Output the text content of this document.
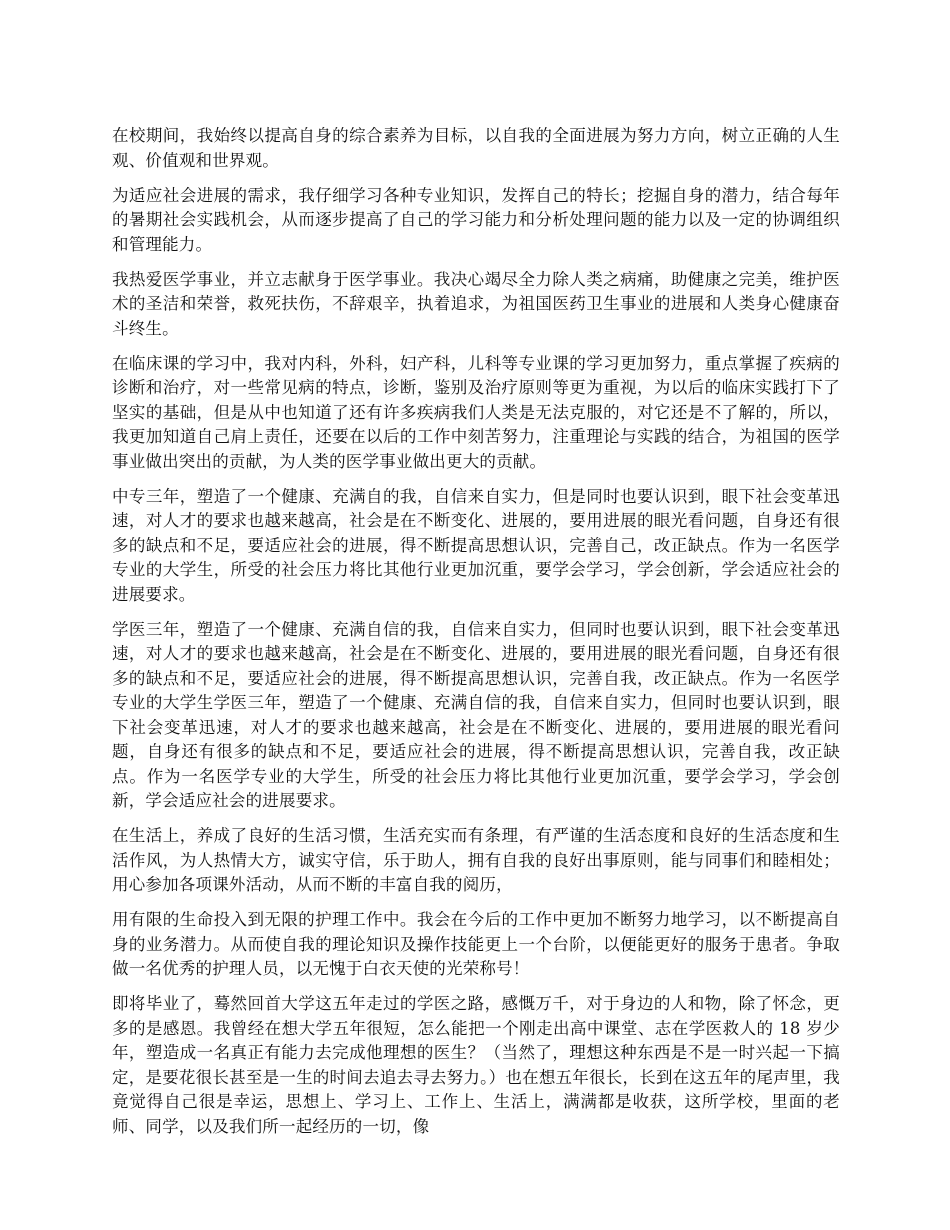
在校期间，我始终以提高自身的综合素养为目标，以自我的全面进展为努力方向，树立正确的人生观、价值观和世界观。

为适应社会进展的需求，我仔细学习各种专业知识，发挥自己的特长；挖掘自身的潜力，结合每年的暑期社会实践机会，从而逐步提高了自己的学习能力和分析处理问题的能力以及一定的协调组织和管理能力。

我热爱医学事业，并立志献身于医学事业。我决心竭尽全力除人类之病痛，助健康之完美，维护医术的圣洁和荣誉，救死扶伤，不辞艰辛，执着追求，为祖国医药卫生事业的进展和人类身心健康奋斗终生。

在临床课的学习中，我对内科，外科，妇产科，儿科等专业课的学习更加努力，重点掌握了疾病的诊断和治疗，对一些常见病的特点，诊断，鉴别及治疗原则等更为重视，为以后的临床实践打下了坚实的基础，但是从中也知道了还有许多疾病我们人类是无法克服的，对它还是不了解的，所以，我更加知道自己肩上责任，还要在以后的工作中刻苦努力，注重理论与实践的结合，为祖国的医学事业做出突出的贡献，为人类的医学事业做出更大的贡献。

中专三年，塑造了一个健康、充满自的我，自信来自实力，但是同时也要认识到，眼下社会变革迅速，对人才的要求也越来越高，社会是在不断变化、进展的，要用进展的眼光看问题，自身还有很多的缺点和不足，要适应社会的进展，得不断提高思想认识，完善自己，改正缺点。作为一名医学专业的大学生，所受的社会压力将比其他行业更加沉重，要学会学习，学会创新，学会适应社会的进展要求。

学医三年，塑造了一个健康、充满自信的我，自信来自实力，但同时也要认识到，眼下社会变革迅速，对人才的要求也越来越高，社会是在不断变化、进展的，要用进展的眼光看问题，自身还有很多的缺点和不足，要适应社会的进展，得不断提高思想认识，完善自我，改正缺点。作为一名医学专业的大学生学医三年，塑造了一个健康、充满自信的我，自信来自实力，但同时也要认识到，眼下社会变革迅速，对人才的要求也越来越高，社会是在不断变化、进展的，要用进展的眼光看问题，自身还有很多的缺点和不足，要适应社会的进展，得不断提高思想认识，完善自我，改正缺点。作为一名医学专业的大学生，所受的社会压力将比其他行业更加沉重，要学会学习，学会创新，学会适应社会的进展要求。

在生活上，养成了良好的生活习惯，生活充实而有条理，有严谨的生活态度和良好的生活态度和生活作风，为人热情大方，诚实守信，乐于助人，拥有自我的良好出事原则，能与同事们和睦相处；用心参加各项课外活动，从而不断的丰富自我的阅历，

用有限的生命投入到无限的护理工作中。我会在今后的工作中更加不断努力地学习，以不断提高自身的业务潜力。从而使自我的理论知识及操作技能更上一个台阶，以便能更好的服务于患者。争取做一名优秀的护理人员，以无愧于白衣天使的光荣称号！

即将毕业了，蓦然回首大学这五年走过的学医之路，感慨万千，对于身边的人和物，除了怀念，更多的是感恩。我曾经在想大学五年很短，怎么能把一个刚走出高中课堂、志在学医救人的 18 岁少年，塑造成一名真正有能力去完成他理想的医生？（当然了，理想这种东西是不是一时兴起一下搞定，是要花很长甚至是一生的时间去追去寻去努力。）也在想五年很长，长到在这五年的尾声里，我竟觉得自己很是幸运，思想上、学习上、工作上、生活上，满满都是收获，这所学校，里面的老师、同学，以及我们所一起经历的一切，像
